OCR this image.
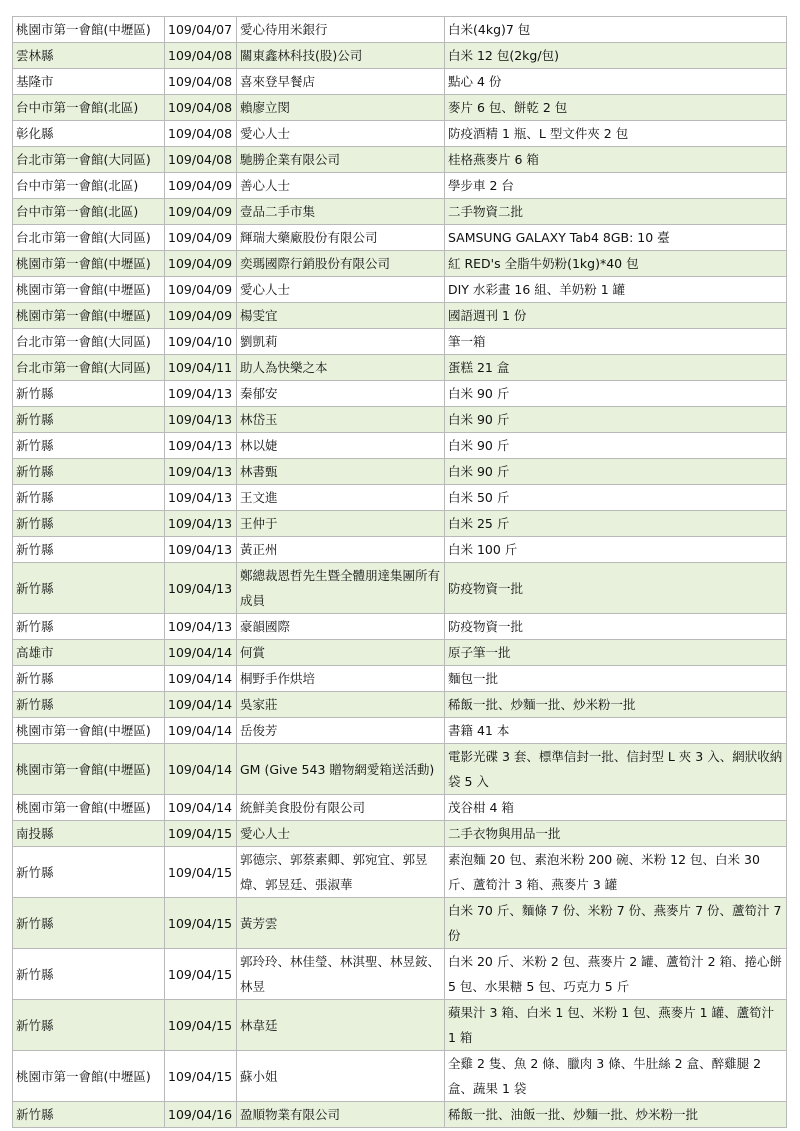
桃園市第一會館(中壢區)	109/04/07	愛心待用米銀行	白米(4kg)7 包
雲林縣	109/04/08	關東鑫林科技(股)公司	白米 12 包(2kg/包)
基隆市	109/04/08	喜來登早餐店	點心 4 份
台中市第一會館(北區)	109/04/08	賴廖立閔	麥片 6 包、餅乾 2 包
彰化縣	109/04/08	愛心人士	防疫酒精 1 瓶、L 型文件夾 2 包
台北市第一會館(大同區)	109/04/08	馳勝企業有限公司	桂格燕麥片 6 箱
台中市第一會館(北區)	109/04/09	善心人士	學步車 2 台
台中市第一會館(北區)	109/04/09	壹品二手市集	二手物資二批
台北市第一會館(大同區)	109/04/09	輝瑞大藥廠股份有限公司	SAMSUNG GALAXY Tab4 8GB: 10 臺
桃園市第一會館(中壢區)	109/04/09	奕瑪國際行銷股份有限公司	紅 RED's 全脂牛奶粉(1kg)*40 包
桃園市第一會館(中壢區)	109/04/09	愛心人士	DIY 水彩畫 16 組、羊奶粉 1 罐
桃園市第一會館(中壢區)	109/04/09	楊雯宜	國語週刊 1 份
台北市第一會館(大同區)	109/04/10	劉凱莉	筆一箱
台北市第一會館(大同區)	109/04/11	助人為快樂之本	蛋糕 21 盒
新竹縣	109/04/13	秦郁安	白米 90 斤
新竹縣	109/04/13	林岱玉	白米 90 斤
新竹縣	109/04/13	林以婕	白米 90 斤
新竹縣	109/04/13	林書甄	白米 90 斤
新竹縣	109/04/13	王文進	白米 50 斤
新竹縣	109/04/13	王仲于	白米 25 斤
新竹縣	109/04/13	黃正州	白米 100 斤
新竹縣	109/04/13	鄭總裁恩哲先生暨全體朋達集團所有成員	防疫物資一批
新竹縣	109/04/13	豪韻國際	防疫物資一批
高雄市	109/04/14	何賞	原子筆一批
新竹縣	109/04/14	桐野手作烘培	麵包一批
新竹縣	109/04/14	吳家莊	稀飯一批、炒麵一批、炒米粉一批
桃園市第一會館(中壢區)	109/04/14	岳俊芳	書籍 41 本
桃園市第一會館(中壢區)	109/04/14	GM (Give 543 贈物網愛箱送活動)	電影光碟 3 套、標準信封一批、信封型 L 夾 3 入、網狀收納袋 5 入
桃園市第一會館(中壢區)	109/04/14	統鮮美食股份有限公司	茂谷柑 4 箱
南投縣	109/04/15	愛心人士	二手衣物與用品一批
新竹縣	109/04/15	郭德宗、郭蔡素卿、郭宛宜、郭昱煒、郭昱廷、張淑華	素泡麵 20 包、素泡米粉 200 碗、米粉 12 包、白米 30 斤、蘆筍汁 3 箱、燕麥片 3 罐
新竹縣	109/04/15	黃芳雲	白米 70 斤、麵條 7 份、米粉 7 份、燕麥片 7 份、蘆筍汁 7 份
新竹縣	109/04/15	郭玲玲、林佳瑩、林淇聖、林昱銨、林昱	白米 20 斤、米粉 2 包、燕麥片 2 罐、蘆筍汁 2 箱、捲心餅 5 包、水果糖 5 包、巧克力 5 斤
新竹縣	109/04/15	林韋廷	蘋果汁 3 箱、白米 1 包、米粉 1 包、燕麥片 1 罐、蘆筍汁 1 箱
桃園市第一會館(中壢區)	109/04/15	蘇小姐	全雞 2 隻、魚 2 條、臘肉 3 條、牛肚絲 2 盒、醉雞腿 2 盒、蔬果 1 袋
新竹縣	109/04/16	盈順物業有限公司	稀飯一批、油飯一批、炒麵一批、炒米粉一批
